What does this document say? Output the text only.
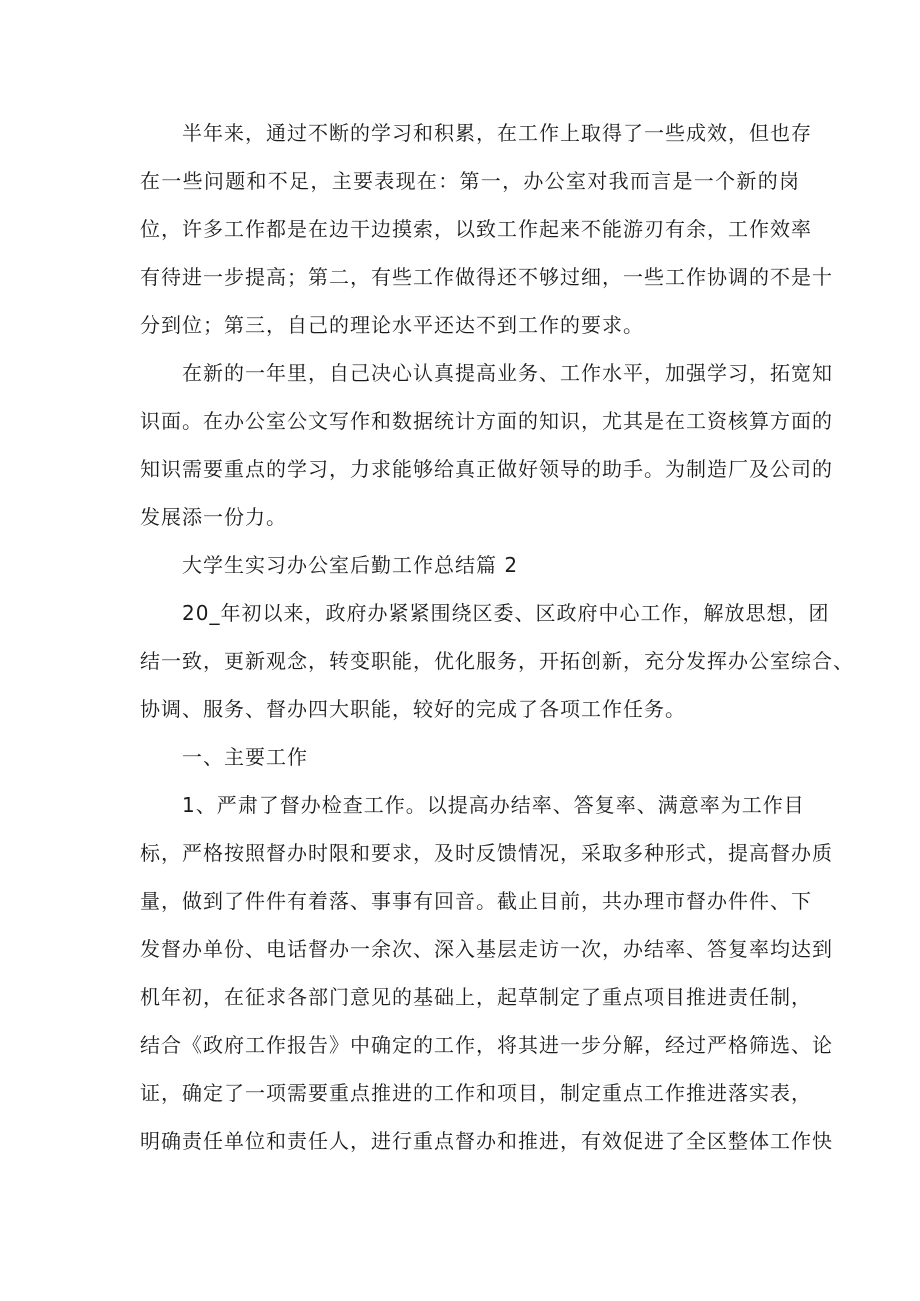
半年来，通过不断的学习和积累，在工作上取得了一些成效，但也存
在一些问题和不足，主要表现在：第一，办公室对我而言是一个新的岗
位，许多工作都是在边干边摸索，以致工作起来不能游刃有余，工作效率
有待进一步提高；第二，有些工作做得还不够过细，一些工作协调的不是十
分到位；第三，自己的理论水平还达不到工作的要求。
在新的一年里，自己决心认真提高业务、工作水平，加强学习，拓宽知
识面。在办公室公文写作和数据统计方面的知识，尤其是在工资核算方面的
知识需要重点的学习，力求能够给真正做好领导的助手。为制造厂及公司的
发展添一份力。
大学生实习办公室后勤工作总结篇 2
20_年初以来，政府办紧紧围绕区委、区政府中心工作，解放思想，团
结一致，更新观念，转变职能，优化服务，开拓创新，充分发挥办公室综合、
协调、服务、督办四大职能，较好的完成了各项工作任务。
一、主要工作
1、严肃了督办检查工作。以提高办结率、答复率、满意率为工作目
标，严格按照督办时限和要求，及时反馈情况，采取多种形式，提高督办质
量，做到了件件有着落、事事有回音。截止目前，共办理市督办件件、下
发督办单份、电话督办一余次、深入基层走访一次，办结率、答复率均达到
机年初，在征求各部门意见的基础上，起草制定了重点项目推进责任制，
结合《政府工作报告》中确定的工作，将其进一步分解，经过严格筛选、论
证，确定了一项需要重点推进的工作和项目，制定重点工作推进落实表，
明确责任单位和责任人，进行重点督办和推进，有效促进了全区整体工作快
